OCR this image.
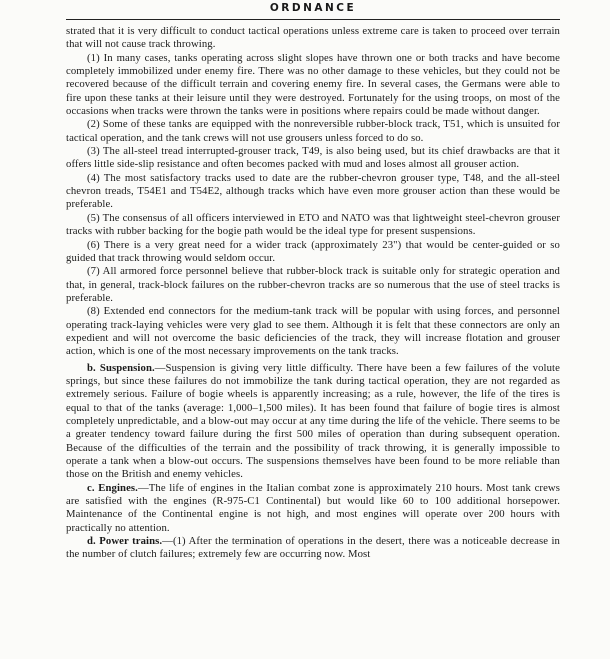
ORDNANCE

strated that it is very difficult to conduct tactical operations unless extreme care is taken to proceed over terrain that will not cause track throwing.

(1) In many cases, tanks operating across slight slopes have thrown one or both tracks and have become completely immobilized under enemy fire. There was no other damage to these vehicles, but they could not be recovered because of the difficult terrain and covering enemy fire. In several cases, the Germans were able to fire upon these tanks at their leisure until they were destroyed. Fortunately for the using troops, on most of the occasions when tracks were thrown the tanks were in positions where repairs could be made without danger.

(2) Some of these tanks are equipped with the nonreversible rubber-block track, T51, which is unsuited for tactical operation, and the tank crews will not use grousers unless forced to do so.

(3) The all-steel tread interrupted-grouser track, T49, is also being used, but its chief drawbacks are that it offers little side-slip resistance and often becomes packed with mud and loses almost all grouser action.

(4) The most satisfactory tracks used to date are the rubber-chevron grouser type, T48, and the all-steel chevron treads, T54E1 and T54E2, although tracks which have even more grouser action than these would be preferable.

(5) The consensus of all officers interviewed in ETO and NATO was that lightweight steel-chevron grouser tracks with rubber backing for the bogie path would be the ideal type for present suspensions.

(6) There is a very great need for a wider track (approximately 23") that would be center-guided or so guided that track throwing would seldom occur.

(7) All armored force personnel believe that rubber-block track is suitable only for strategic operation and that, in general, track-block failures on the rubber-chevron tracks are so numerous that the use of steel tracks is preferable.

(8) Extended end connectors for the medium-tank track will be popular with using forces, and personnel operating track-laying vehicles were very glad to see them. Although it is felt that these connectors are only an expedient and will not overcome the basic deficiencies of the track, they will increase flotation and grouser action, which is one of the most necessary improvements on the tank tracks.

b. Suspension.—Suspension is giving very little difficulty. There have been a few failures of the volute springs, but since these failures do not immobilize the tank during tactical operation, they are not regarded as extremely serious. Failure of bogie wheels is apparently increasing; as a rule, however, the life of the tires is equal to that of the tanks (average: 1,000–1,500 miles). It has been found that failure of bogie tires is almost completely unpredictable, and a blow-out may occur at any time during the life of the vehicle. There seems to be a greater tendency toward failure during the first 500 miles of operation than during subsequent operation. Because of the difficulties of the terrain and the possibility of track throwing, it is generally impossible to operate a tank when a blow-out occurs. The suspensions themselves have been found to be more reliable than those on the British and enemy vehicles.

c. Engines.—The life of engines in the Italian combat zone is approximately 210 hours. Most tank crews are satisfied with the engines (R-975-C1 Continental) but would like 60 to 100 additional horsepower. Maintenance of the Continental engine is not high, and most engines will operate over 200 hours with practically no attention.

d. Power trains.—(1) After the termination of operations in the desert, there was a noticeable decrease in the number of clutch failures; extremely few are occurring now. Most
